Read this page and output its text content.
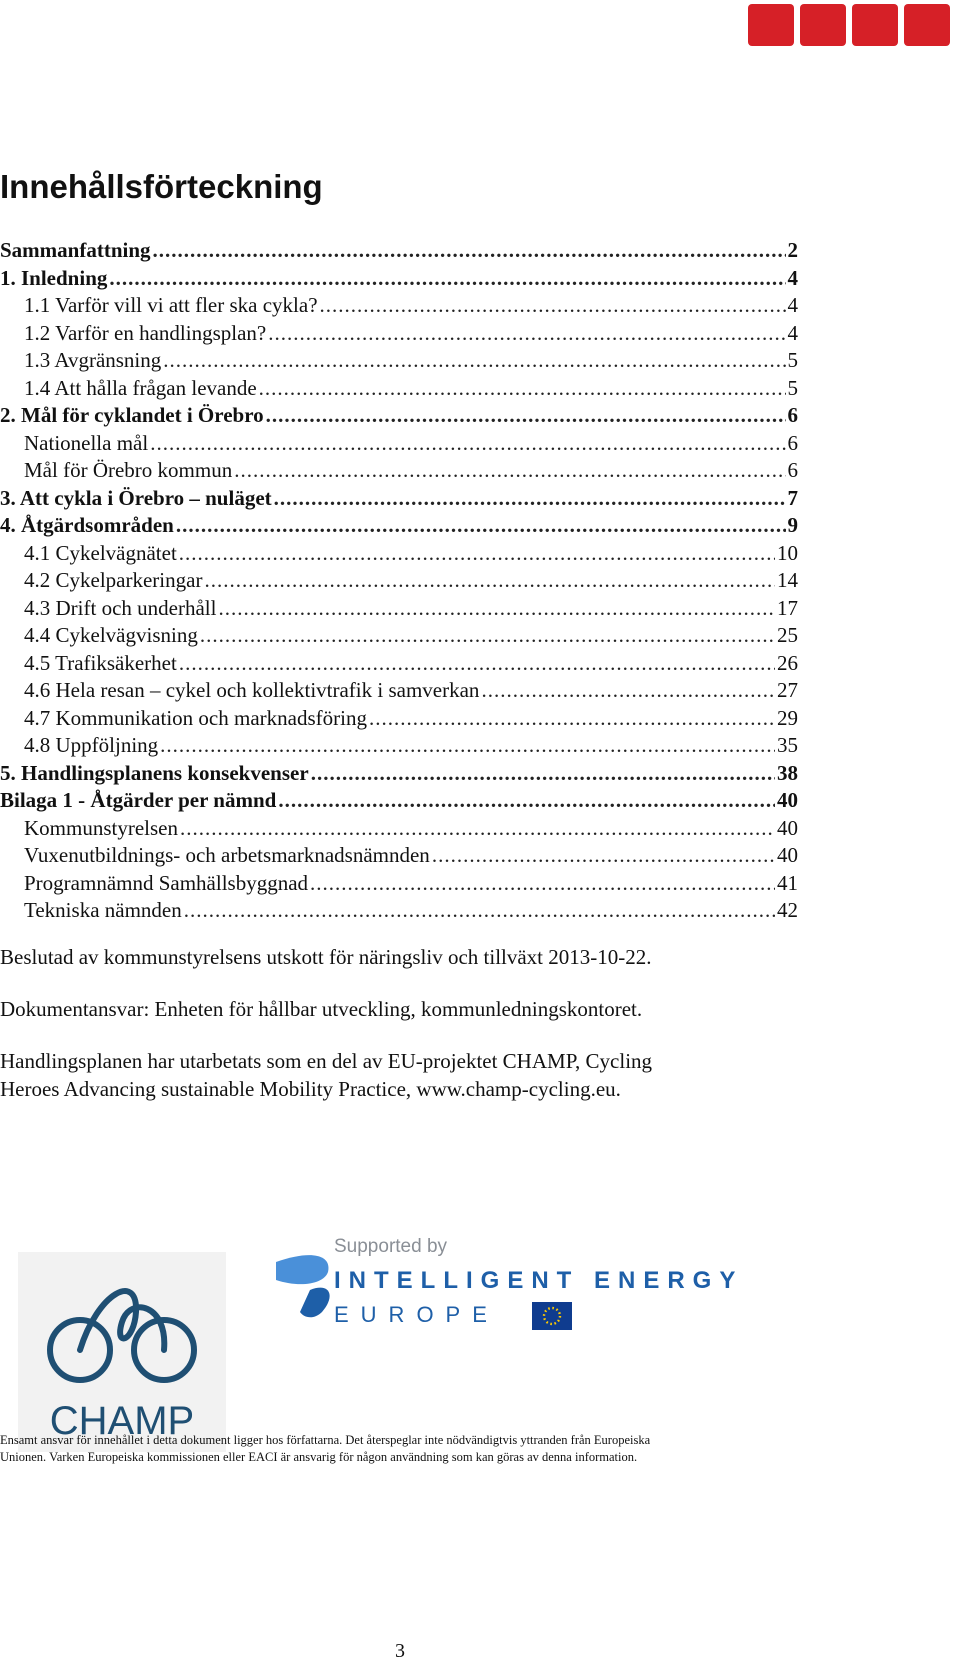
Innehållsförteckning
Sammanfattning .....	2
1. Inledning .....	4
1.1 Varför vill vi att fler ska cykla? .....	4
1.2 Varför en handlingsplan? .....	4
1.3 Avgränsning .....	5
1.4 Att hålla frågan levande .....	5
2. Mål för cyklandet i Örebro .....	6
Nationella mål .....	6
Mål för Örebro kommun .....	6
3. Att cykla i Örebro – nuläget .....	7
4. Åtgärdsområden .....	9
4.1 Cykelvägnätet .....	10
4.2 Cykelparkeringar .....	14
4.3 Drift och underhåll .....	17
4.4 Cykelvägvisning .....	25
4.5 Trafiksäkerhet .....	26
4.6 Hela resan – cykel och kollektivtrafik i samverkan .....	27
4.7 Kommunikation och marknadsföring .....	29
4.8 Uppföljning .....	35
5. Handlingsplanens konsekvenser .....	38
Bilaga 1 - Åtgärder per nämnd .....	40
Kommunstyrelsen .....	40
Vuxenutbildnings- och arbetsmarknadsnämnden .....	40
Programnämnd Samhällsbyggnad .....	41
Tekniska nämnden .....	42

Beslutad av kommunstyrelsens utskott för näringsliv och tillväxt 2013-10-22.

Dokumentansvar: Enheten för hållbar utveckling, kommunledningskontoret.

Handlingsplanen har utarbetats som en del av EU-projektet CHAMP, Cycling
Heroes Advancing sustainable Mobility Practice, www.champ-cycling.eu.

CHAMP
Supported by
INTELLIGENT ENERGY
EUROPE

Ensamt ansvar för innehållet i detta dokument ligger hos författarna. Det återspeglar inte nödvändigtvis yttranden från Europeiska
Unionen. Varken Europeiska kommissionen eller EACI är ansvarig för någon användning som kan göras av denna information.

3
